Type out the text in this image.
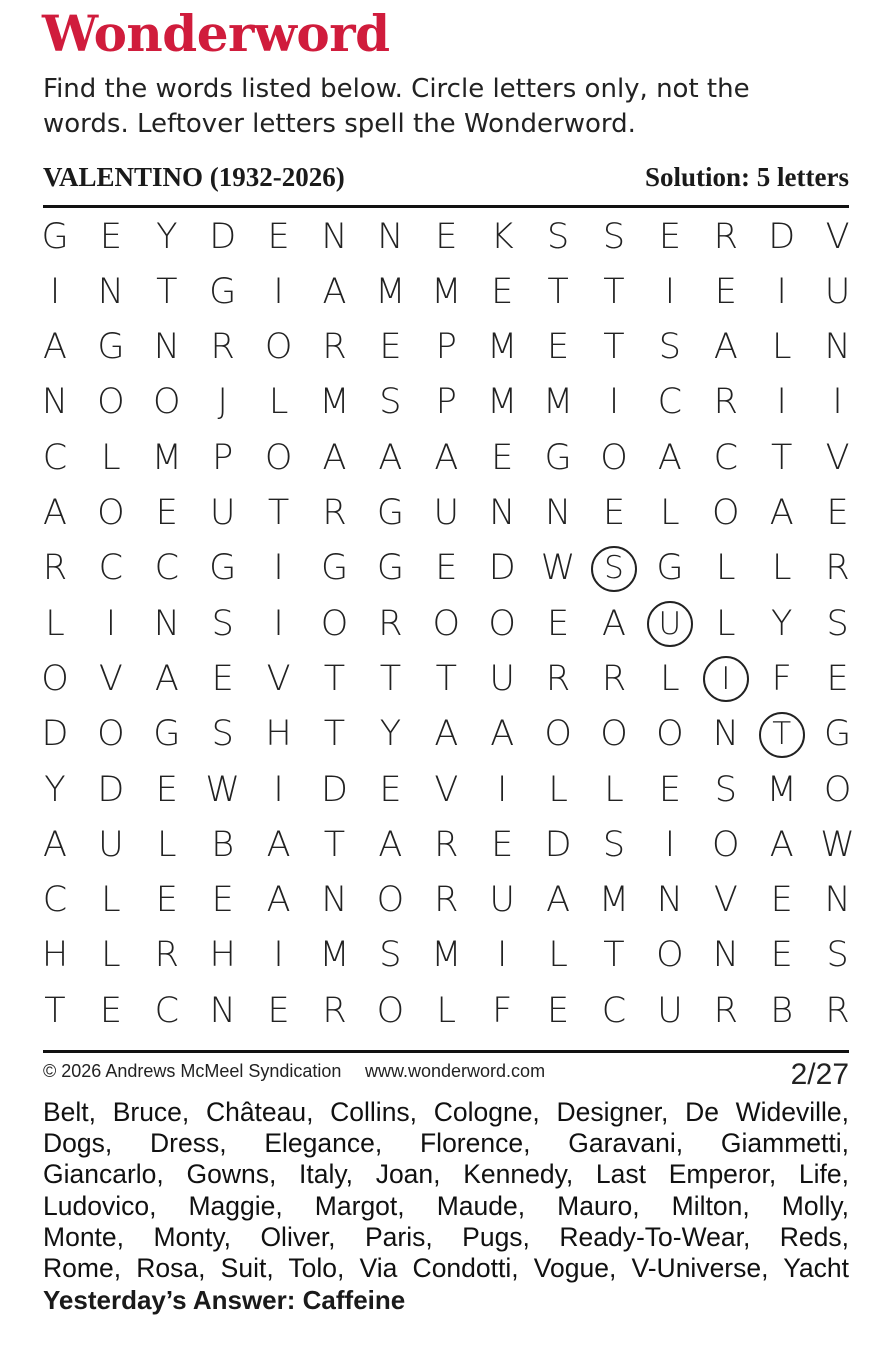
Wonderword
Find the words listed below. Circle letters only, not the words. Leftover letters spell the Wonderword.
VALENTINO (1932-2026)	Solution: 5 letters
G E Y D E N N E K S S E R D V
I	N T G	I	A M M E T T	I	E	I	U
A G N R O R E P M E T S A L N
N O O	J	L M S P M M	I	C R	I	I
C L M P O A A A E G O A C T V
A O E U T R G U N N E	L O A E
R C C G	I	G G E D W S G L	L R
L	I	N S	I	O R O O E A	U L	Y S
O V A E V T T T U R R L	I	F E
D O G S H T Y A A O O O N	T G
Y D E W I	D E V	I	L	L	E S M O
A U L B A T A R E D S	I	O A W
C L	E E A N O R U A M N V E N
H L R H	I	M S M	I	L	T O N E S
T E C N E R O L	F E C U R B R
© 2026 Andrews McMeel Syndication www.wonderword.com	2/27
Belt, Bruce, Château, Collins, Cologne, Designer, De Wideville,
Dogs, Dress, Elegance, Florence, Garavani, Giammetti,
Giancarlo, Gowns, Italy, Joan, Kennedy, Last Emperor, Life,
Ludovico, Maggie, Margot, Maude, Mauro, Milton, Molly,
Monte, Monty, Oliver, Paris, Pugs, Ready-To-Wear, Reds,
Rome, Rosa, Suit, Tolo, Via Condotti, Vogue, V-Universe, Yacht
Yesterday’s Answer: Caffeine
